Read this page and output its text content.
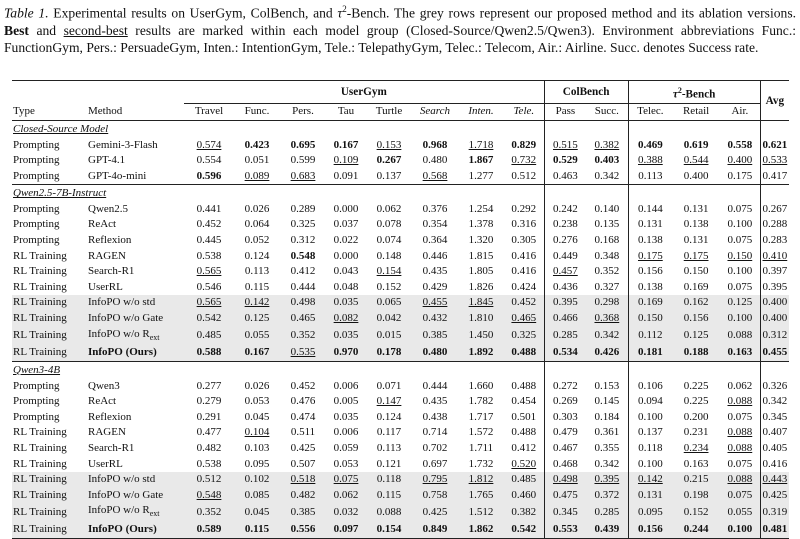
Table 1. Experimental results on UserGym, ColBench, and $\tau^2$-Bench. The grey rows represent our proposed method and its ablation versions. Best and second-best results are marked within each model group (Closed-Source/Qwen2.5/Qwen3). Environment abbreviations Func.: FunctionGym, Pers.: PersuadeGym, Inten.: IntentionGym, Tele.: TelepathyGym, Telec.: Telecom, Air.: Airline. Succ. denotes Success rate.
		UserGym								ColBench		$\tau^2$-Bench			Avg
Type	Method	Travel	Func.	Pers.	Tau	Turtle	Search	Inten.	Tele.	Pass	Succ.	Telec.	Retail	Air.	
Closed-Source Model															
Prompting	Gemini-3-Flash	0.574	0.423	0.695	0.167	0.153	0.968	1.718	0.829	0.515	0.382	0.469	0.619	0.558	0.621
Prompting	GPT-4.1	0.554	0.051	0.599	0.109	0.267	0.480	1.867	0.732	0.529	0.403	0.388	0.544	0.400	0.533
Prompting	GPT-4o-mini	0.596	0.089	0.683	0.091	0.137	0.568	1.277	0.512	0.463	0.342	0.113	0.400	0.175	0.417
Qwen2.5-7B-Instruct															
Prompting	Qwen2.5	0.441	0.026	0.289	0.000	0.062	0.376	1.254	0.292	0.242	0.140	0.144	0.131	0.075	0.267
Prompting	ReAct	0.452	0.064	0.325	0.037	0.078	0.354	1.378	0.316	0.238	0.135	0.131	0.138	0.100	0.288
Prompting	Reflexion	0.445	0.052	0.312	0.022	0.074	0.364	1.320	0.305	0.276	0.168	0.138	0.131	0.075	0.283
RL Training	RAGEN	0.538	0.124	0.548	0.000	0.148	0.446	1.815	0.416	0.449	0.348	0.175	0.175	0.150	0.410
RL Training	Search-R1	0.565	0.113	0.412	0.043	0.154	0.435	1.805	0.416	0.457	0.352	0.156	0.150	0.100	0.397
RL Training	UserRL	0.546	0.115	0.444	0.048	0.152	0.429	1.826	0.424	0.436	0.327	0.138	0.169	0.075	0.395
RL Training	InfoPO w/o std	0.565	0.142	0.498	0.035	0.065	0.455	1.845	0.452	0.395	0.298	0.169	0.162	0.125	0.400
RL Training	InfoPO w/o Gate	0.542	0.125	0.465	0.082	0.042	0.432	1.810	0.465	0.466	0.368	0.150	0.156	0.100	0.400
RL Training	InfoPO w/o $R_{ext}$	0.485	0.055	0.352	0.035	0.015	0.385	1.450	0.325	0.285	0.342	0.112	0.125	0.088	0.312
RL Training	InfoPO (Ours)	0.588	0.167	0.535	0.970	0.178	0.480	1.892	0.488	0.534	0.426	0.181	0.188	0.163	0.455
Qwen3-4B															
Prompting	Qwen3	0.277	0.026	0.452	0.006	0.071	0.444	1.660	0.488	0.272	0.153	0.106	0.225	0.062	0.326
Prompting	ReAct	0.279	0.053	0.476	0.005	0.147	0.435	1.782	0.454	0.269	0.145	0.094	0.225	0.088	0.342
Prompting	Reflexion	0.291	0.045	0.474	0.035	0.124	0.438	1.717	0.501	0.303	0.184	0.100	0.200	0.075	0.345
RL Training	RAGEN	0.477	0.104	0.511	0.006	0.117	0.714	1.572	0.488	0.479	0.361	0.137	0.231	0.088	0.407
RL Training	Search-R1	0.482	0.103	0.425	0.059	0.113	0.702	1.711	0.412	0.467	0.355	0.118	0.234	0.088	0.405
RL Training	UserRL	0.538	0.095	0.507	0.053	0.121	0.697	1.732	0.520	0.468	0.342	0.100	0.163	0.075	0.416
RL Training	InfoPO w/o std	0.512	0.102	0.518	0.075	0.118	0.795	1.812	0.485	0.498	0.395	0.142	0.215	0.088	0.443
RL Training	InfoPO w/o Gate	0.548	0.085	0.482	0.062	0.115	0.758	1.765	0.460	0.475	0.372	0.131	0.198	0.075	0.425
RL Training	InfoPO w/o $R_{ext}$	0.352	0.045	0.385	0.032	0.088	0.425	1.512	0.382	0.345	0.285	0.095	0.152	0.055	0.319
RL Training	InfoPO (Ours)	0.589	0.115	0.556	0.097	0.154	0.849	1.862	0.542	0.553	0.439	0.156	0.244	0.100	0.481
